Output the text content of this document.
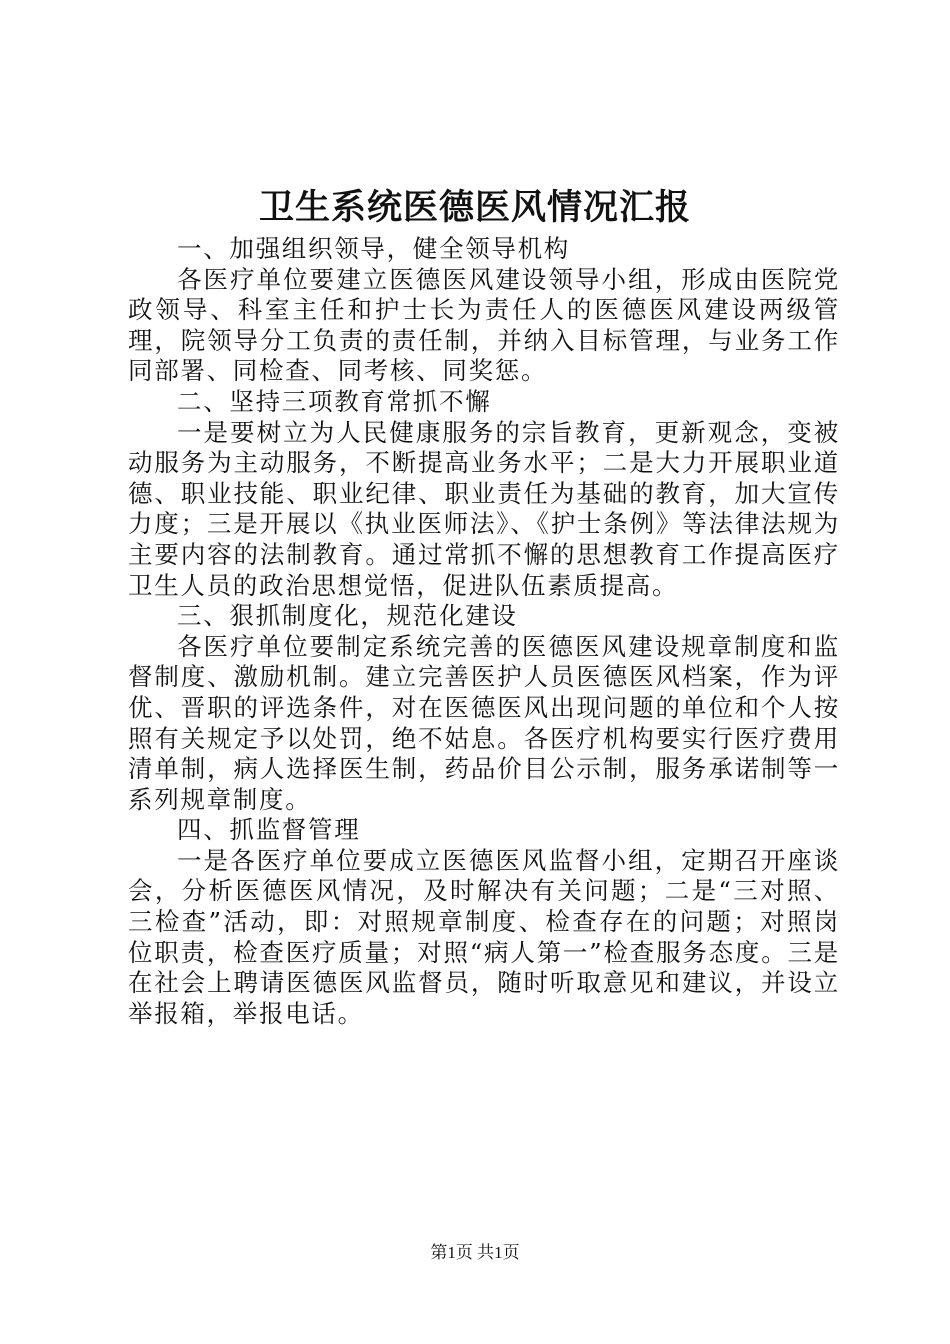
卫生系统医德医风情况汇报

一、加强组织领导，健全领导机构

各医疗单位要建立医德医风建设领导小组，形成由医院党政领导、科室主任和护士长为责任人的医德医风建设两级管理，院领导分工负责的责任制，并纳入目标管理，与业务工作同部署、同检查、同考核、同奖惩。

二、坚持三项教育常抓不懈

一是要树立为人民健康服务的宗旨教育，更新观念，变被动服务为主动服务，不断提高业务水平；二是大力开展职业道德、职业技能、职业纪律、职业责任为基础的教育，加大宣传力度；三是开展以《执业医师法》、《护士条例》等法律法规为主要内容的法制教育。通过常抓不懈的思想教育工作提高医疗卫生人员的政治思想觉悟，促进队伍素质提高。

三、狠抓制度化，规范化建设

各医疗单位要制定系统完善的医德医风建设规章制度和监督制度、激励机制。建立完善医护人员医德医风档案，作为评优、晋职的评选条件，对在医德医风出现问题的单位和个人按照有关规定予以处罚，绝不姑息。各医疗机构要实行医疗费用清单制，病人选择医生制，药品价目公示制，服务承诺制等一系列规章制度。

四、抓监督管理

一是各医疗单位要成立医德医风监督小组，定期召开座谈会，分析医德医风情况，及时解决有关问题；二是“三对照、三检查”活动，即：对照规章制度、检查存在的问题；对照岗位职责，检查医疗质量；对照“病人第一”检查服务态度。三是在社会上聘请医德医风监督员，随时听取意见和建议，并设立举报箱，举报电话。

第1页 共1页
